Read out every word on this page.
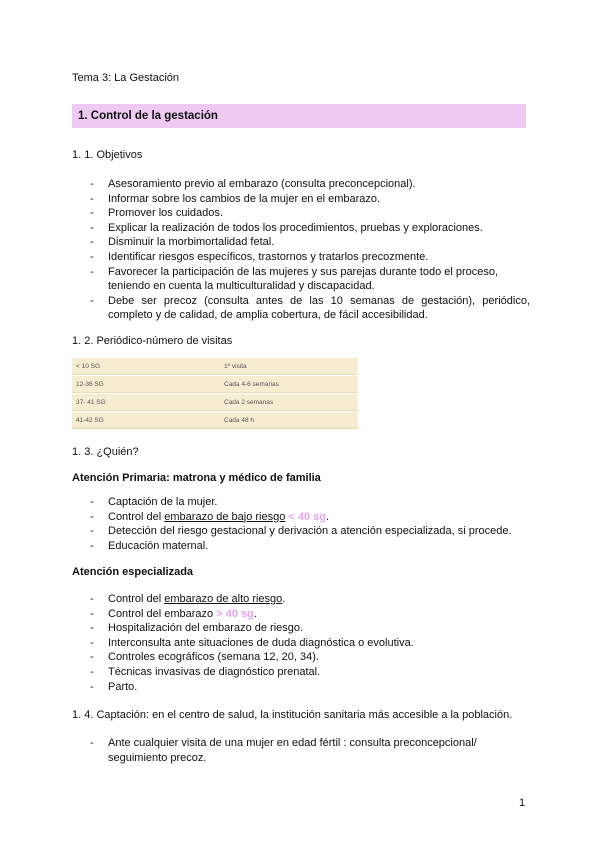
Tema 3: La Gestación
1. Control de la gestación
1. 1. Objetivos
- Asesoramiento previo al embarazo (consulta preconcepcional).
- Informar sobre los cambios de la mujer en el embarazo.
- Promover los cuidados.
- Explicar la realización de todos los procedimientos, pruebas y exploraciones.
- Disminuir la morbimortalidad fetal.
- Identificar riesgos específicos, trastornos y tratarlos precozmente.
- Favorecer la participación de las mujeres y sus parejas durante todo el proceso, teniendo en cuenta la multiculturalidad y discapacidad.
- Debe ser precoz (consulta antes de las 10 semanas de gestación), periódico, completo y de calidad, de amplia cobertura, de fácil accesibilidad.
1. 2. Periódico-número de visitas
< 10 SG	1ª visita
12-36 SG	Cada 4-6 semanas
37- 41 SG	Cada 2 semanas
41-42 SG	Cada 48 h
1. 3. ¿Quién?
Atención Primaria: matrona y médico de familia
- Captación de la mujer.
- Control del embarazo de bajo riesgo < 40 sg.
- Detección del riesgo gestacional y derivación a atención especializada, si procede.
- Educación maternal.
Atención especializada
- Control del embarazo de alto riesgo.
- Control del embarazo > 40 sg.
- Hospitalización del embarazo de riesgo.
- Interconsulta ante situaciones de duda diagnóstica o evolutiva.
- Controles ecográficos (semana 12, 20, 34).
- Técnicas invasivas de diagnóstico prenatal.
- Parto.
1. 4. Captación: en el centro de salud, la institución sanitaria más accesible a la población.
- Ante cualquier visita de una mujer en edad fértil : consulta preconcepcional/ seguimiento precoz.
1
